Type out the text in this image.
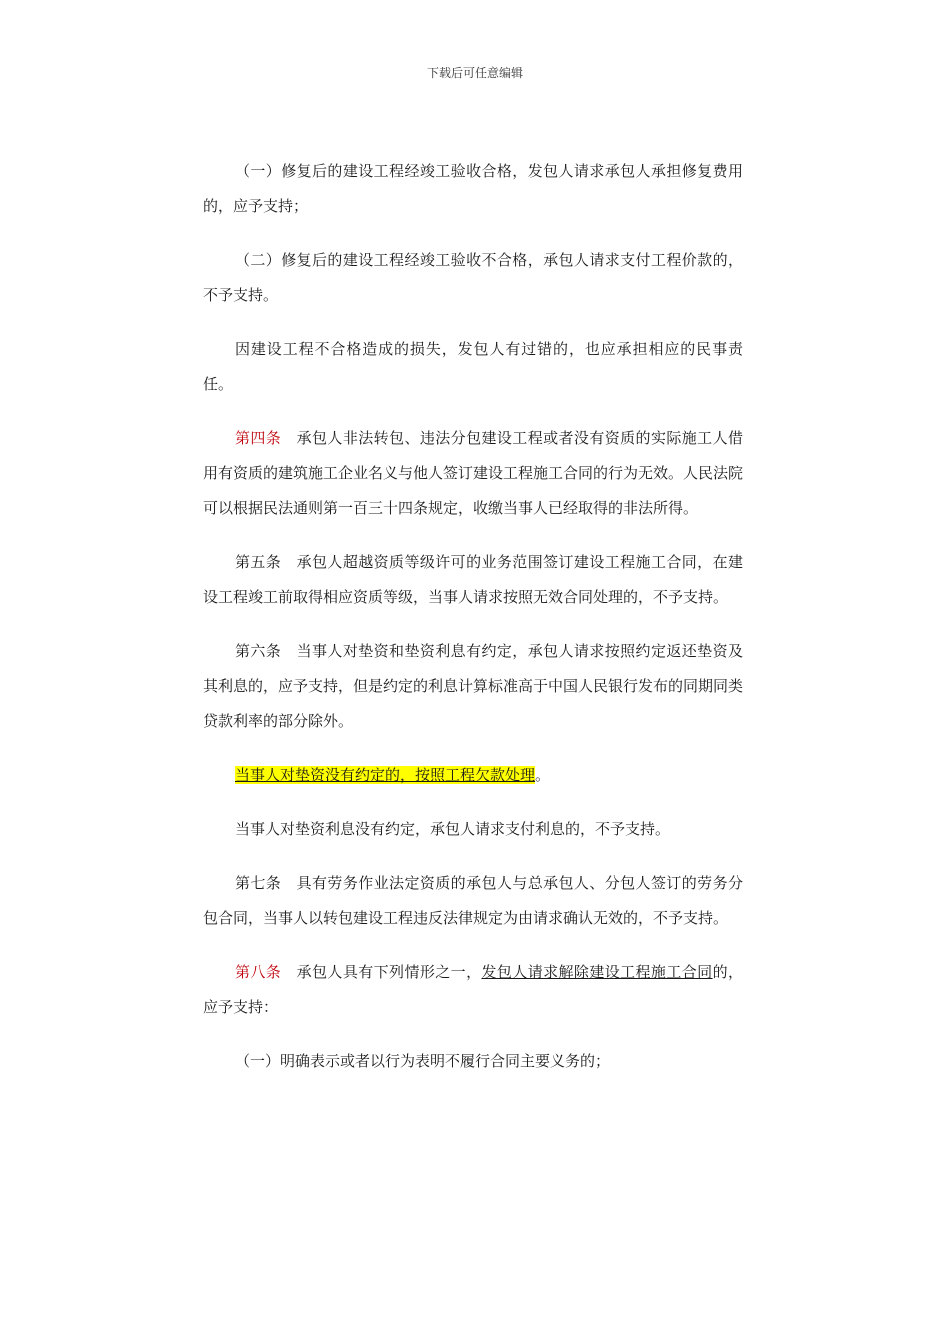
下载后可任意编辑

（一）修复后的建设工程经竣工验收合格，发包人请求承包人承担修复费用的，应予支持；

（二）修复后的建设工程经竣工验收不合格，承包人请求支付工程价款的，不予支持。

因建设工程不合格造成的损失，发包人有过错的，也应承担相应的民事责任。

第四条　承包人非法转包、违法分包建设工程或者没有资质的实际施工人借用有资质的建筑施工企业名义与他人签订建设工程施工合同的行为无效。人民法院可以根据民法通则第一百三十四条规定，收缴当事人已经取得的非法所得。

第五条　承包人超越资质等级许可的业务范围签订建设工程施工合同，在建设工程竣工前取得相应资质等级，当事人请求按照无效合同处理的，不予支持。

第六条　当事人对垫资和垫资利息有约定，承包人请求按照约定返还垫资及其利息的，应予支持，但是约定的利息计算标准高于中国人民银行发布的同期同类贷款利率的部分除外。

当事人对垫资没有约定的，按照工程欠款处理。

当事人对垫资利息没有约定，承包人请求支付利息的，不予支持。

第七条　具有劳务作业法定资质的承包人与总承包人、分包人签订的劳务分包合同，当事人以转包建设工程违反法律规定为由请求确认无效的，不予支持。

第八条　承包人具有下列情形之一，发包人请求解除建设工程施工合同的，应予支持：

（一）明确表示或者以行为表明不履行合同主要义务的；
